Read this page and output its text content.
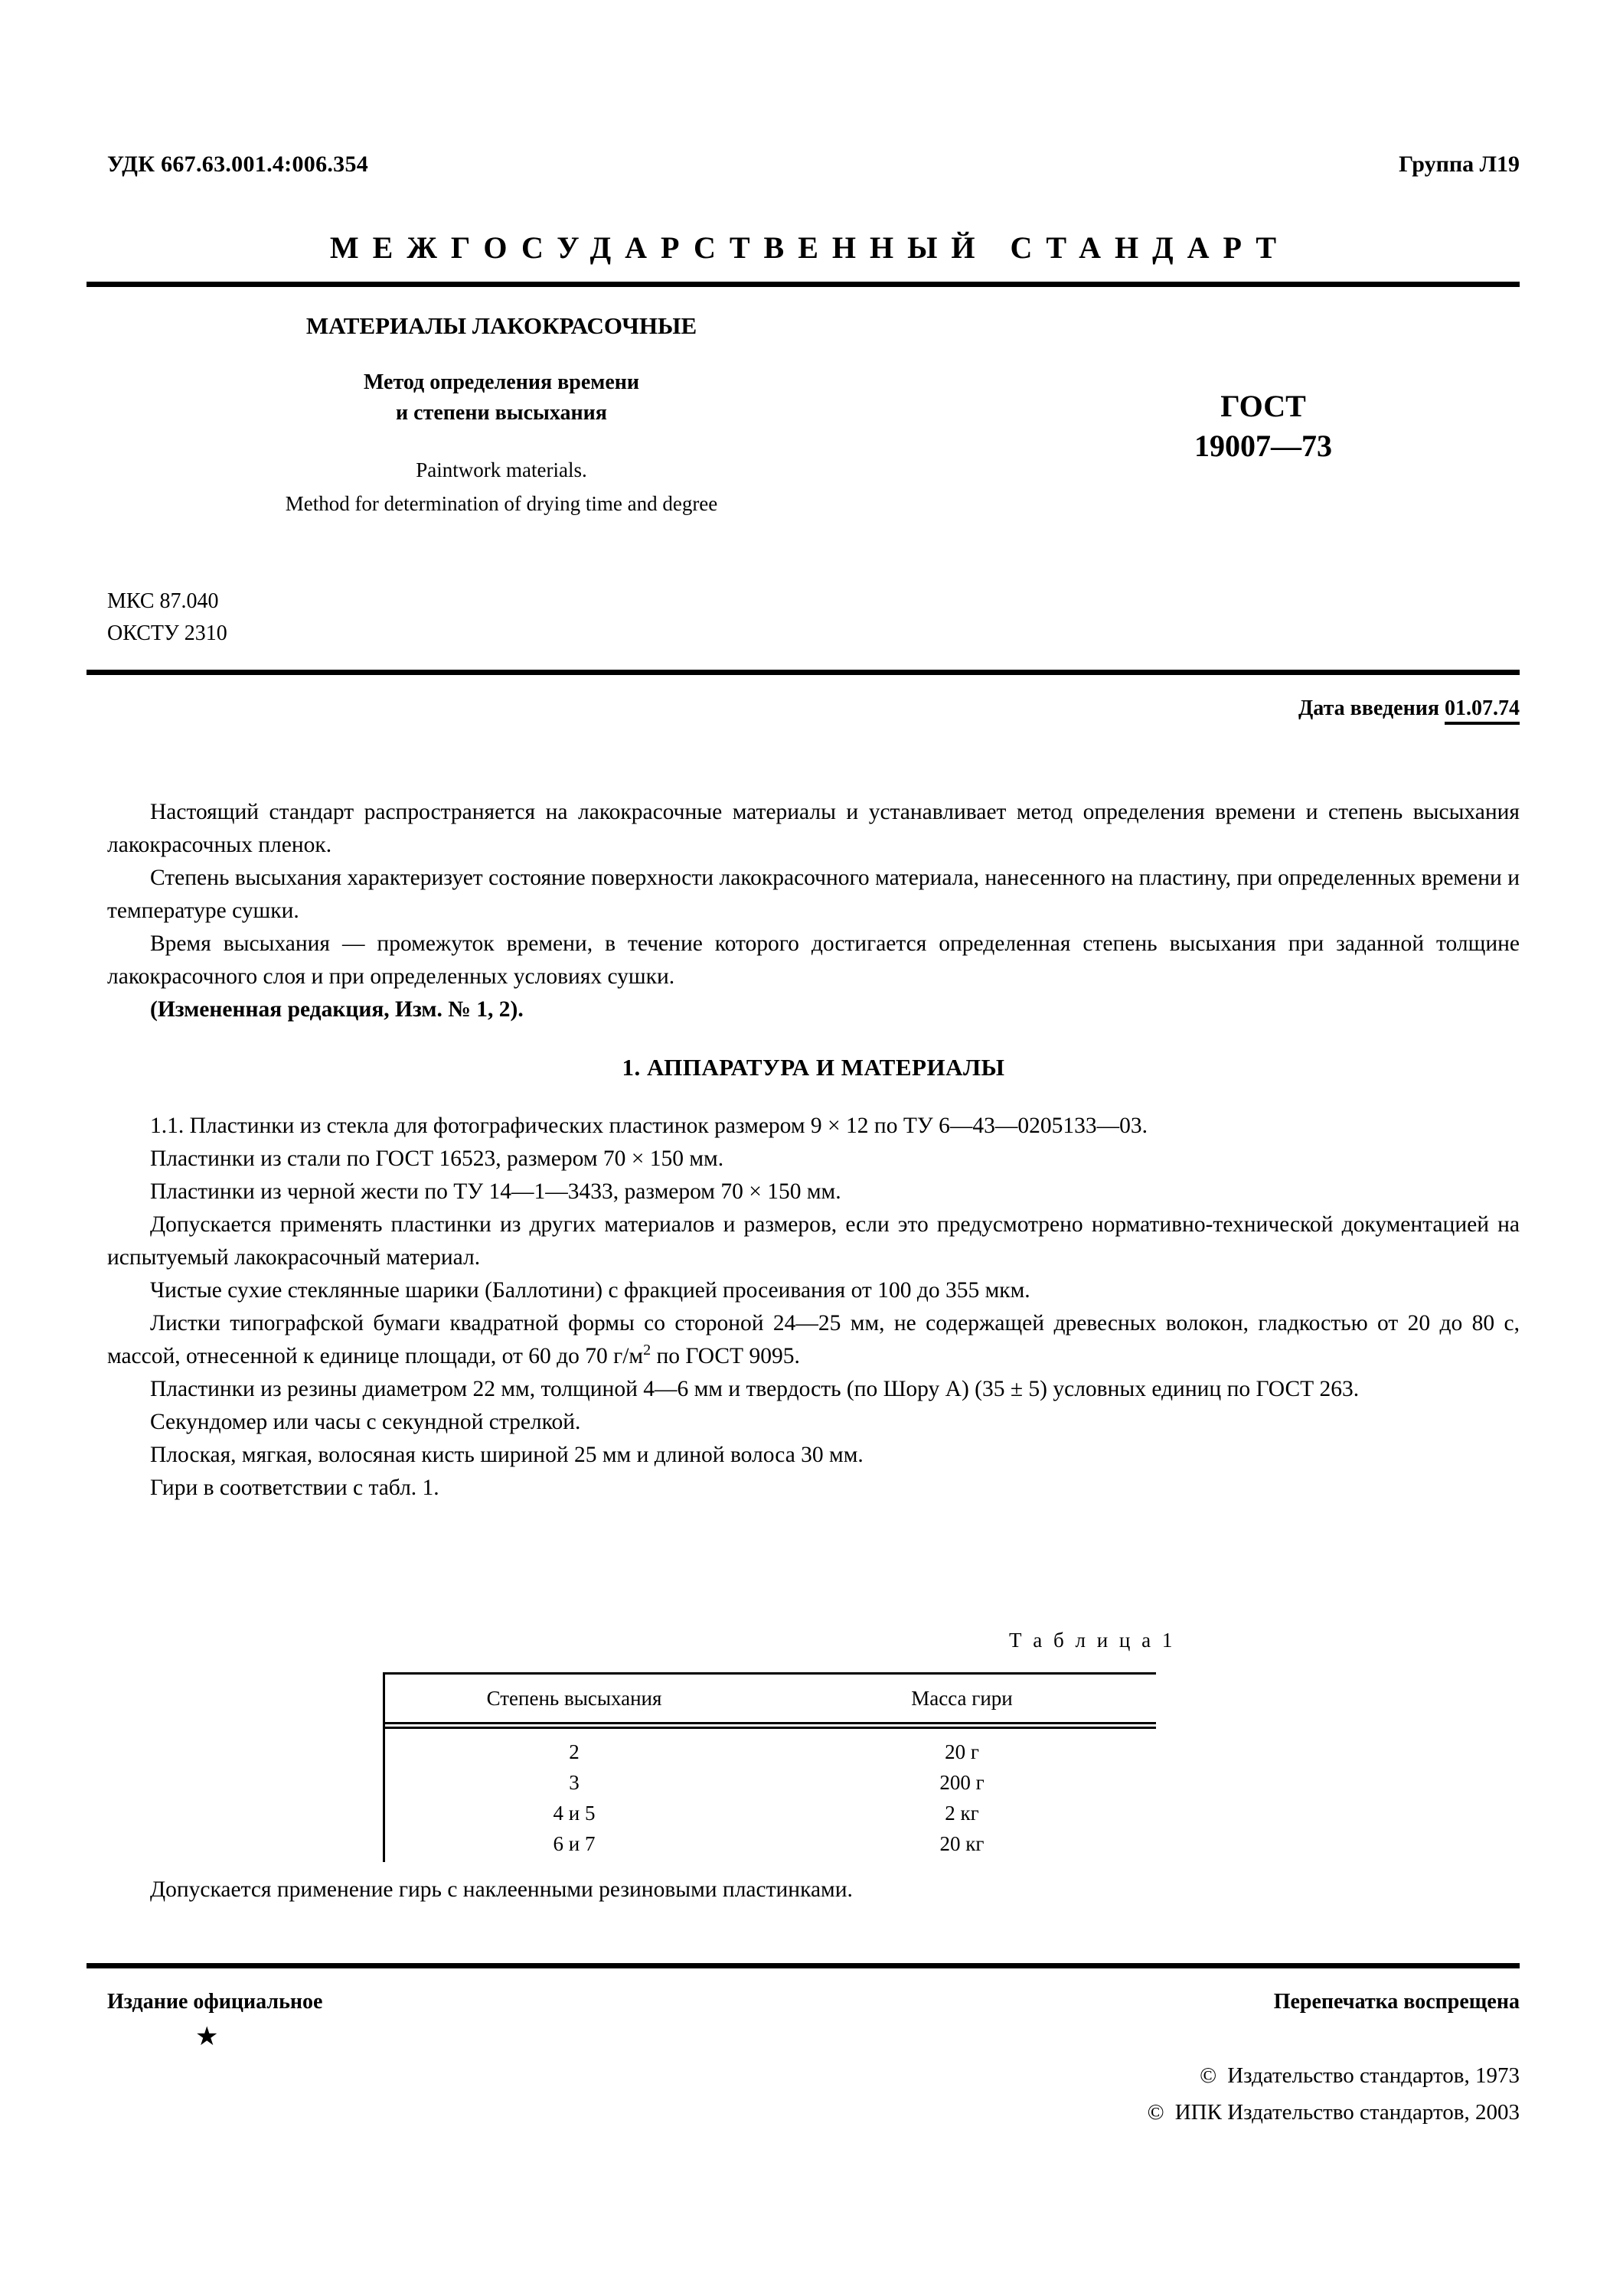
УДК 667.63.001.4:006.354	Группа Л19
МЕЖГОСУДАРСТВЕННЫЙ СТАНДАРТ
МАТЕРИАЛЫ ЛАКОКРАСОЧНЫЕ
Метод определения времени
и степени высыхания
Paintwork materials.
Method for determination of drying time and degree
ГОСТ
19007—73
МКС 87.040
ОКСТУ 2310
Дата введения 01.07.74

Настоящий стандарт распространяется на лакокрасочные материалы и устанавливает метод определения времени и степень высыхания лакокрасочных пленок.

Степень высыхания характеризует состояние поверхности лакокрасочного материала, нанесенного на пластину, при определенных времени и температуре сушки.

Время высыхания — промежуток времени, в течение которого достигается определенная степень высыхания при заданной толщине лакокрасочного слоя и при определенных условиях сушки.

(Измененная редакция, Изм. № 1, 2).

1. АППАРАТУРА И МАТЕРИАЛЫ

1.1. Пластинки из стекла для фотографических пластинок размером 9 × 12 по ТУ 6—43—0205133—03.

Пластинки из стали по ГОСТ 16523, размером 70 × 150 мм.

Пластинки из черной жести по ТУ 14—1—3433, размером 70 × 150 мм.

Допускается применять пластинки из других материалов и размеров, если это предусмотрено нормативно-технической документацией на испытуемый лакокрасочный материал.

Чистые сухие стеклянные шарики (Баллотини) с фракцией просеивания от 100 до 355 мкм.

Листки типографской бумаги квадратной формы со стороной 24—25 мм, не содержащей древесных волокон, гладкостью от 20 до 80 с, массой, отнесенной к единице площади, от 60 до 70 $г/м^2$ по ГОСТ 9095.

Пластинки из резины диаметром 22 мм, толщиной 4—6 мм и твердость (по Шору А) (35 ± 5) условных единиц по ГОСТ 263.

Секундомер или часы с секундной стрелкой.

Плоская, мягкая, волосяная кисть шириной 25 мм и длиной волоса 30 мм.

Гири в соответствии с табл. 1.

Т а б л и ц а 1
Степень высыхания	Масса гири
2	20 г
3	200 г
4 и 5	2 кг
6 и 7	20 кг
Допускается применение гирь с наклеенными резиновыми пластинками.
Издание официальное	Перепечатка воспрещена
★
© Издательство стандартов, 1973
© ИПК Издательство стандартов, 2003
